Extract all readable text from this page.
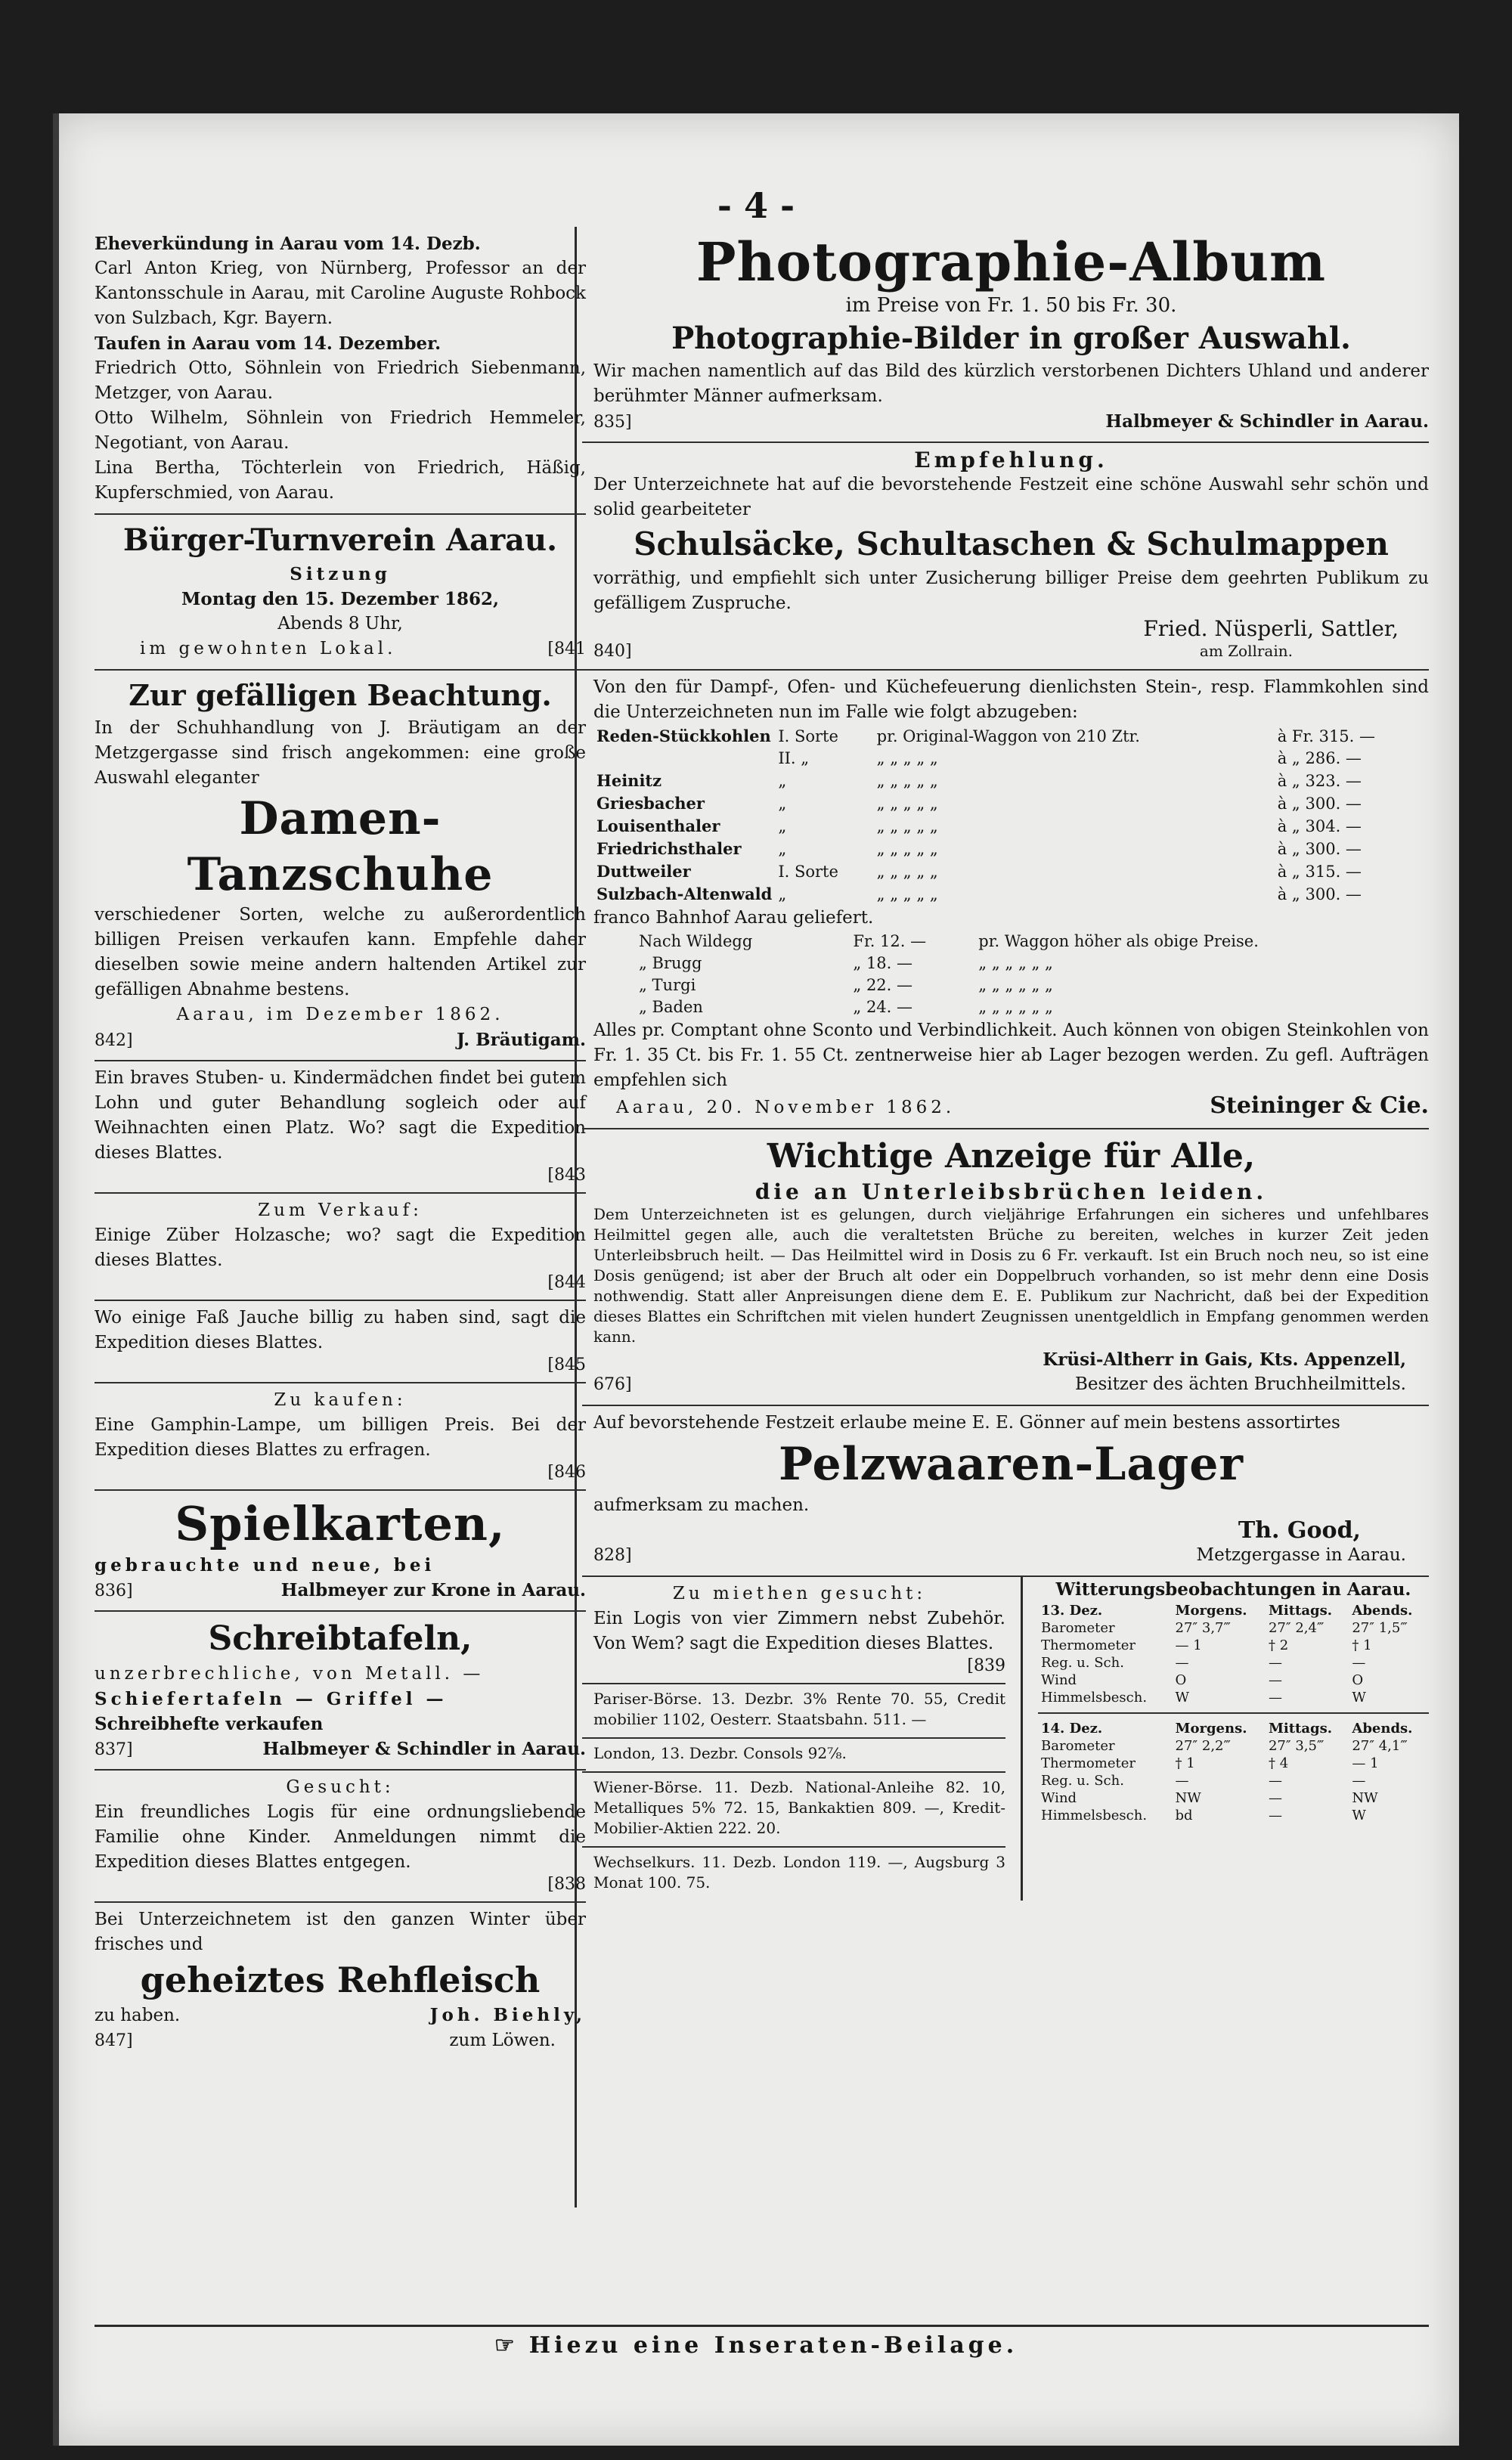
- 4 -

Eheverkündung in Aarau vom 14. Dezb.

Carl Anton Krieg, von Nürnberg, Professor an der Kantonsschule in Aarau, mit Caroline Auguste Rohbock von Sulzbach, Kgr. Bayern.

Taufen in Aarau vom 14. Dezember.

Friedrich Otto, Söhnlein von Friedrich Siebenmann, Metzger, von Aarau.

Otto Wilhelm, Söhnlein von Friedrich Hemmeler, Negotiant, von Aarau.

Lina Bertha, Töchterlein von Friedrich, Häßig, Kupferschmied, von Aarau.

Bürger-Turnverein Aarau.

Sitzung

Montag den 15. Dezember 1862,

Abends 8 Uhr,

im gewohnten Lokal.	[841

Zur gefälligen Beachtung.

In der Schuhhandlung von J. Bräutigam an der Metzgergasse sind frisch angekommen: eine große Auswahl eleganter

Damen-Tanzschuhe

verschiedener Sorten, welche zu außerordentlich billigen Preisen verkaufen kann. Empfehle daher dieselben sowie meine andern haltenden Artikel zur gefälligen Abnahme bestens.

Aarau, im Dezember 1862.

842]	J. Bräutigam.

Ein braves Stuben- u. Kindermädchen findet bei gutem Lohn und guter Behandlung sogleich oder auf Weihnachten einen Platz. Wo? sagt die Expedition dieses Blattes.

[843

Zum Verkauf:

Einige Züber Holzasche; wo? sagt die Expedition dieses Blattes.

[844

Wo einige Faß Jauche billig zu haben sind, sagt die Expedition dieses Blattes.

[845

Zu kaufen:

Eine Gamphin-Lampe, um billigen Preis. Bei der Expedition dieses Blattes zu erfragen.

[846

Spielkarten,

gebrauchte und neue, bei

836]	Halbmeyer zur Krone in Aarau.

Schreibtafeln,

unzerbrechliche, von Metall. —

Schiefertafeln — Griffel —

Schreibhefte verkaufen

837]	Halbmeyer & Schindler in Aarau.

Gesucht:

Ein freundliches Logis für eine ordnungsliebende Familie ohne Kinder. Anmeldungen nimmt die Expedition dieses Blattes entgegen.

[838

Bei Unterzeichnetem ist den ganzen Winter über frisches und

geheiztes Rehfleisch

zu haben.	Joh. Biehly,

847]	zum Löwen.

Photographie-Album

im Preise von Fr. 1. 50 bis Fr. 30.

Photographie-Bilder in großer Auswahl.

Wir machen namentlich auf das Bild des kürzlich verstorbenen Dichters Uhland und anderer berühmter Männer aufmerksam.

835]	Halbmeyer & Schindler in Aarau.

Empfehlung.

Der Unterzeichnete hat auf die bevorstehende Festzeit eine schöne Auswahl sehr schön und solid gearbeiteter

Schulsäcke, Schultaschen & Schulmappen

vorräthig, und empfiehlt sich unter Zusicherung billiger Preise dem geehrten Publikum zu gefälligem Zuspruche.

Fried. Nüsperli, Sattler,

840]	am Zollrain.

Von den für Dampf-, Ofen- und Küchefeuerung dienlichsten Stein-, resp. Flammkohlen sind die Unterzeichneten nun im Falle wie folgt abzugeben:

Reden-Stückkohlen	I. Sorte	pr. Original-Waggon von 210 Ztr.	à Fr. 315. —
	II. „	„ „ „ „ „	à „ 286. —
Heinitz	„	„ „ „ „ „	à „ 323. —
Griesbacher	„	„ „ „ „ „	à „ 300. —
Louisenthaler	„	„ „ „ „ „	à „ 304. —
Friedrichsthaler	„	„ „ „ „ „	à „ 300. —
Duttweiler	I. Sorte	„ „ „ „ „	à „ 315. —
Sulzbach-Altenwald	„	„ „ „ „ „	à „ 300. —

franco Bahnhof Aarau geliefert.

Nach Wildegg	Fr. 12. —	pr. Waggon höher als obige Preise.
„ Brugg	„ 18. —	„ „ „ „ „ „
„ Turgi	„ 22. —	„ „ „ „ „ „
„ Baden	„ 24. —	„ „ „ „ „ „

Alles pr. Comptant ohne Sconto und Verbindlichkeit. Auch können von obigen Steinkohlen von Fr. 1. 35 Ct. bis Fr. 1. 55 Ct. zentnerweise hier ab Lager bezogen werden. Zu gefl. Aufträgen empfehlen sich

Aarau, 20. November 1862.	Steininger & Cie.

Wichtige Anzeige für Alle,

die an Unterleibsbrüchen leiden.

Dem Unterzeichneten ist es gelungen, durch vieljährige Erfahrungen ein sicheres und unfehlbares Heilmittel gegen alle, auch die veraltetsten Brüche zu bereiten, welches in kurzer Zeit jeden Unterleibsbruch heilt. — Das Heilmittel wird in Dosis zu 6 Fr. verkauft. Ist ein Bruch noch neu, so ist eine Dosis genügend; ist aber der Bruch alt oder ein Doppelbruch vorhanden, so ist mehr denn eine Dosis nothwendig. Statt aller Anpreisungen diene dem E. E. Publikum zur Nachricht, daß bei der Expedition dieses Blattes ein Schriftchen mit vielen hundert Zeugnissen unentgeldlich in Empfang genommen werden kann.

Krüsi-Altherr in Gais, Kts. Appenzell,

676]	Besitzer des ächten Bruchheilmittels.

Auf bevorstehende Festzeit erlaube meine E. E. Gönner auf mein bestens assortirtes

Pelzwaaren-Lager

aufmerksam zu machen.

Th. Good,

828]	Metzgergasse in Aarau.

Zu miethen gesucht:

Ein Logis von vier Zimmern nebst Zubehör. Von Wem? sagt die Expedition dieses Blattes.

[839

Pariser-Börse. 13. Dezbr. 3% Rente 70. 55, Credit mobilier 1102, Oesterr. Staatsbahn. 511. —

London, 13. Dezbr. Consols 92⅞.

Wiener-Börse. 11. Dezb. National-Anleihe 82. 10, Metalliques 5% 72. 15, Bankaktien 809. —, Kredit-Mobilier-Aktien 222. 20.

Wechselkurs. 11. Dezb. London 119. —, Augsburg 3 Monat 100. 75.

Witterungsbeobachtungen in Aarau.

13. Dez.	Morgens.	Mittags.	Abends.
Barometer	27″ 3,7‴	27″ 2,4‴	27″ 1,5‴
Thermometer	— 1	† 2	† 1
Reg. u. Sch.	—	—	—
Wind	O	—	O
Himmelsbesch.	W	—	W
14. Dez.	Morgens.	Mittags.	Abends.
Barometer	27″ 2,2‴	27″ 3,5‴	27″ 4,1‴
Thermometer	† 1	† 4	— 1
Reg. u. Sch.	—	—	—
Wind	NW	—	NW
Himmelsbesch.	bd	—	W
☞ Hiezu eine Inseraten-Beilage.
